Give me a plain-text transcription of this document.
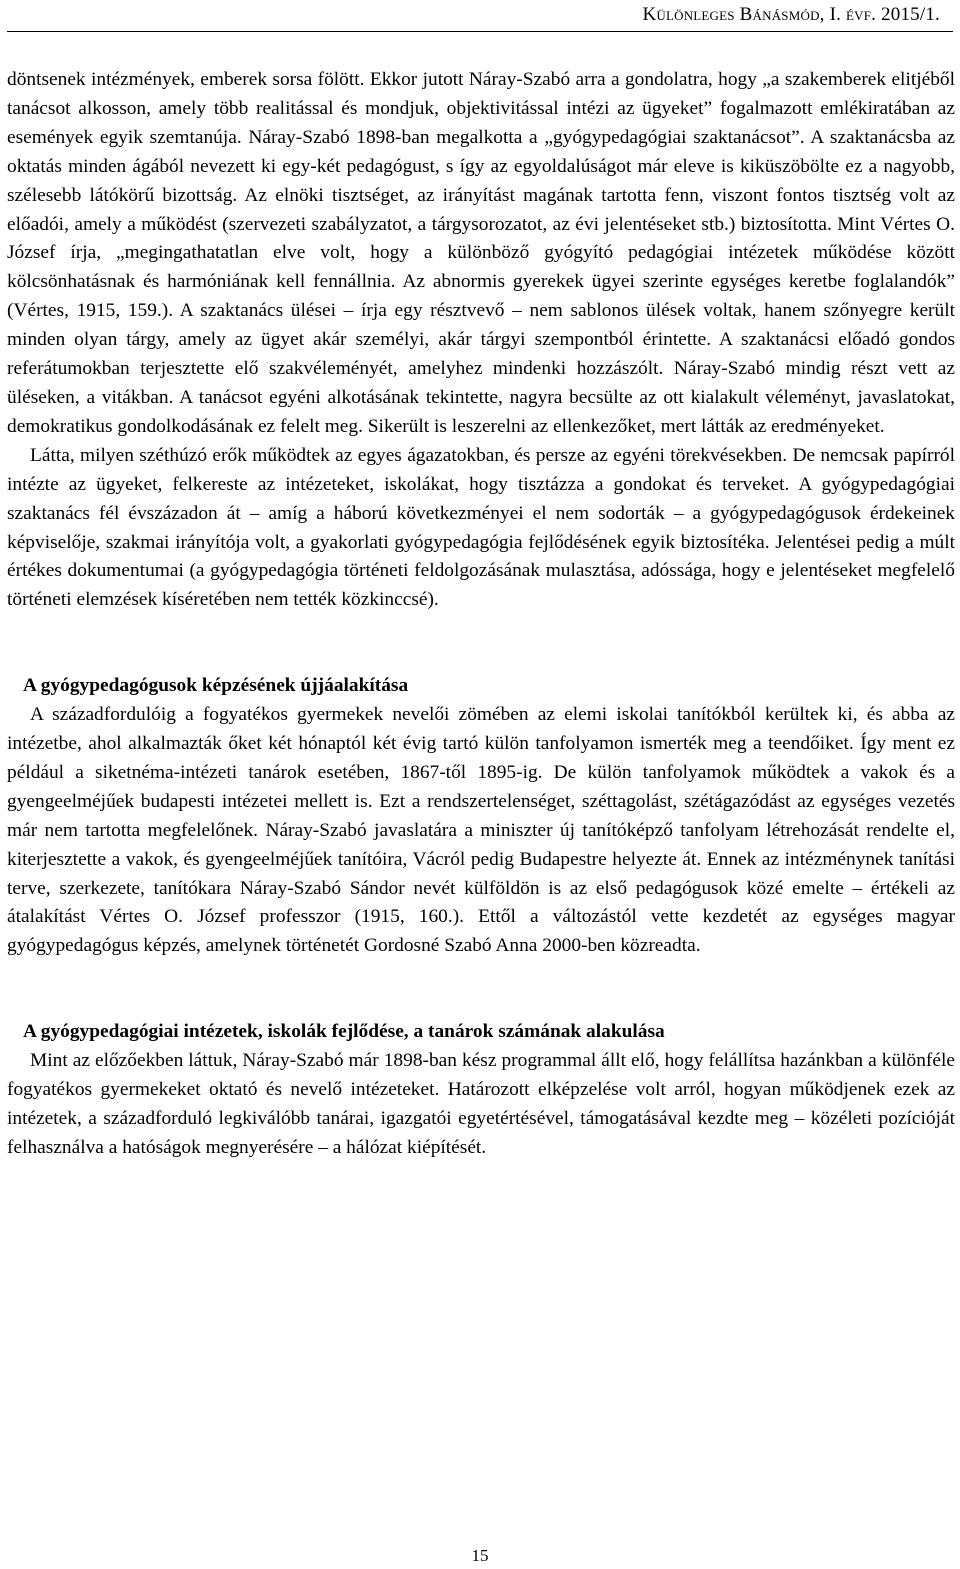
Különleges Bánásmód, I. évf. 2015/1.

döntsenek intézmények, emberek sorsa fölött. Ekkor jutott Náray-Szabó arra a gondolatra, hogy „a szakemberek elitjéből tanácsot alkosson, amely több realitással és mondjuk, objektivitással intézi az ügyeket” fogalmazott emlékiratában az események egyik szemtanúja. Náray-Szabó 1898-ban megalkotta a „gyógypedagógiai szaktanácsot”. A szaktanácsba az oktatás minden ágából nevezett ki egy-két pedagógust, s így az egyoldalúságot már eleve is kiküszöbölte ez a nagyobb, szélesebb látókörű bizottság. Az elnöki tisztséget, az irányítást magának tartotta fenn, viszont fontos tisztség volt az előadói, amely a működést (szervezeti szabályzatot, a tárgysorozatot, az évi jelentéseket stb.) biztosította. Mint Vértes O. József írja, „megingathatatlan elve volt, hogy a különböző gyógyító pedagógiai intézetek működése között kölcsönhatásnak és harmóniának kell fennállnia. Az abnormis gyerekek ügyei szerinte egységes keretbe foglalandók” (Vértes, 1915, 159.). A szaktanács ülései – írja egy résztvevő – nem sablonos ülések voltak, hanem szőnyegre került minden olyan tárgy, amely az ügyet akár személyi, akár tárgyi szempontból érintette. A szaktanácsi előadó gondos referátumokban terjesztette elő szakvéleményét, amelyhez mindenki hozzászólt. Náray-Szabó mindig részt vett az üléseken, a vitákban. A tanácsot egyéni alkotásának tekintette, nagyra becsülte az ott kialakult véleményt, javaslatokat, demokratikus gondolkodásának ez felelt meg. Sikerült is leszerelni az ellenkezőket, mert látták az eredményeket.

Látta, milyen széthúzó erők működtek az egyes ágazatokban, és persze az egyéni törekvésekben. De nemcsak papírról intézte az ügyeket, felkereste az intézeteket, iskolákat, hogy tisztázza a gondokat és terveket. A gyógypedagógiai szaktanács fél évszázadon át – amíg a háború következményei el nem sodorták – a gyógypedagógusok érdekeinek képviselője, szakmai irányítója volt, a gyakorlati gyógypedagógia fejlődésének egyik biztosítéka. Jelentései pedig a múlt értékes dokumentumai (a gyógypedagógia történeti feldolgozásának mulasztása, adóssága, hogy e jelentéseket megfelelő történeti elemzések kíséretében nem tették közkinccsé).

A gyógypedagógusok képzésének újjáalakítása

A századfordulóig a fogyatékos gyermekek nevelői zömében az elemi iskolai tanítókból kerültek ki, és abba az intézetbe, ahol alkalmazták őket két hónaptól két évig tartó külön tanfolyamon ismerték meg a teendőiket. Így ment ez például a siketnéma-intézeti tanárok esetében, 1867-től 1895-ig. De külön tanfolyamok működtek a vakok és a gyengeelméjűek budapesti intézetei mellett is. Ezt a rendszertelenséget, széttagolást, szétágazódást az egységes vezetés már nem tartotta megfelelőnek. Náray-Szabó javaslatára a miniszter új tanítóképző tanfolyam létrehozását rendelte el, kiterjesztette a vakok, és gyengeelméjűek tanítóira, Vácról pedig Budapestre helyezte át. Ennek az intézménynek tanítási terve, szerkezete, tanítókara Náray-Szabó Sándor nevét külföldön is az első pedagógusok közé emelte – értékeli az átalakítást Vértes O. József professzor (1915, 160.). Ettől a változástól vette kezdetét az egységes magyar gyógypedagógus képzés, amelynek történetét Gordosné Szabó Anna 2000-ben közreadta.

A gyógypedagógiai intézetek, iskolák fejlődése, a tanárok számának alakulása

Mint az előzőekben láttuk, Náray-Szabó már 1898-ban kész programmal állt elő, hogy felállítsa hazánkban a különféle fogyatékos gyermekeket oktató és nevelő intézeteket. Határozott elképzelése volt arról, hogyan működjenek ezek az intézetek, a századforduló legkiválóbb tanárai, igazgatói egyetértésével, támogatásával kezdte meg – közéleti pozícióját felhasználva a hatóságok megnyerésére – a hálózat kiépítését.

15
